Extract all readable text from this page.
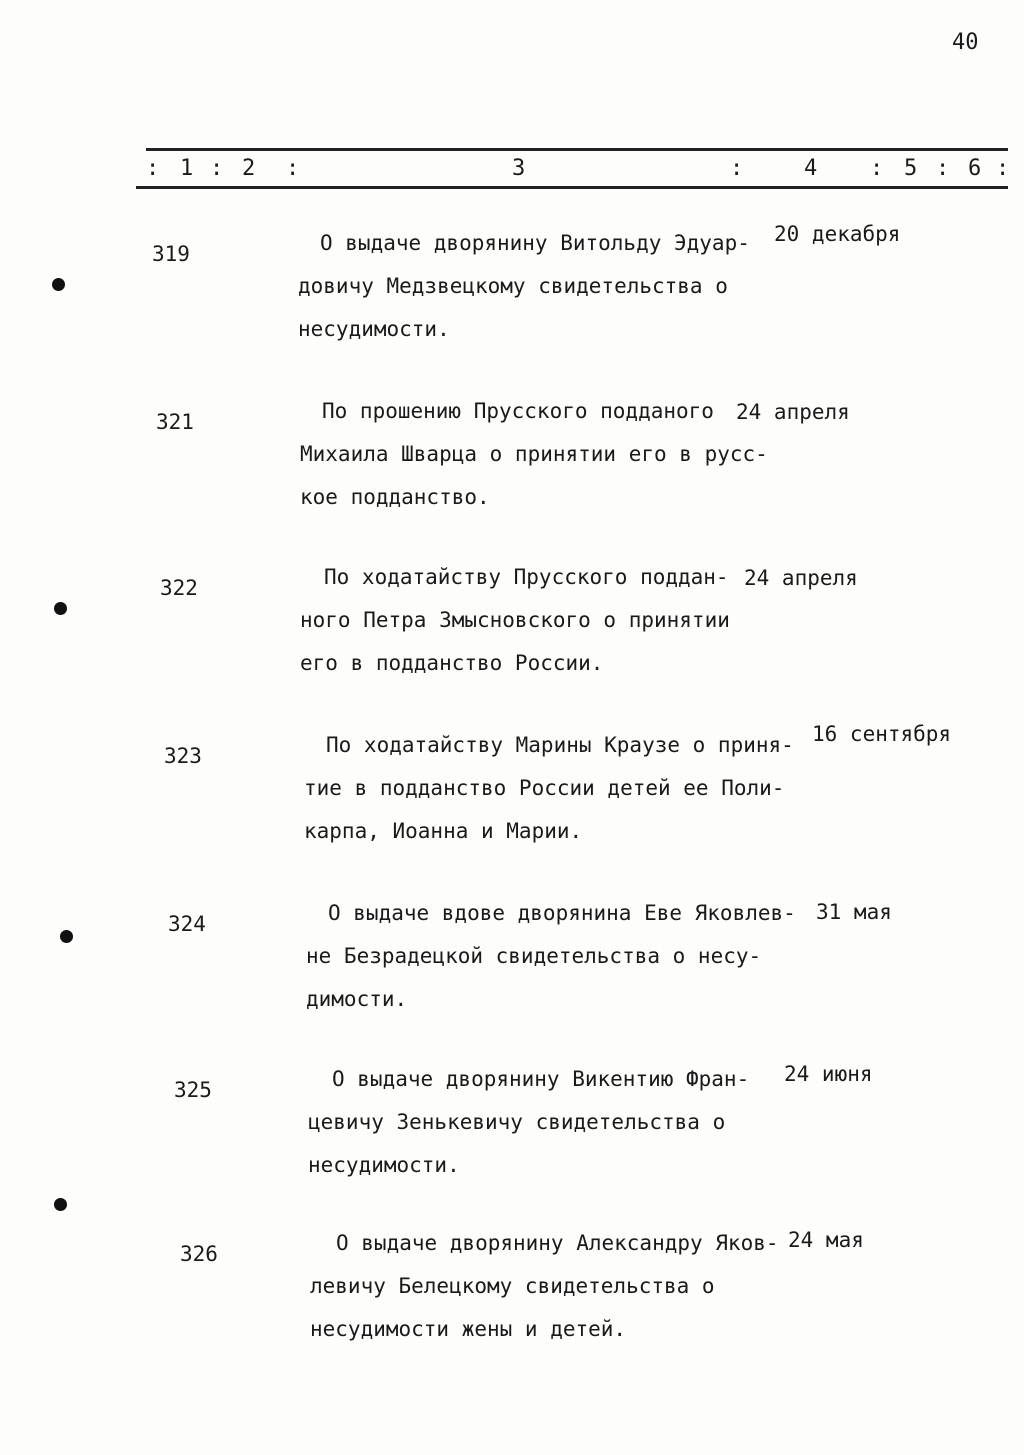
40
: 1 : 2 :	3	:	4 : 5 : 6 :
319	О выдаче дворянину Витольду Эдуар-
довичу Медзвецкому свидетельства о
несудимости.
20 декабря
321	По прошению Прусского подданого
Михаила Шварца о принятии его в русс-
кое подданство.
24 апреля
322	По ходатайству Прусского поддан-
ного Петра Змысновского о принятии
его в подданство России.
24 апреля
323	По ходатайству Марины Краузе о приня-
тие в подданство России детей ее Поли-
карпа, Иоанна и Марии.
16 сентября
324	О выдаче вдове дворянина Еве Яковлев-
не Безрадецкой свидетельства о несу-
димости.
31 мая
325	О выдаче дворянину Викентию Фран-
цевичу Зенькевичу свидетельства о
несудимости.
24 июня
326	О выдаче дворянину Александру Яков-
левичу Белецкому свидетельства о
несудимости жены и детей.
24 мая
